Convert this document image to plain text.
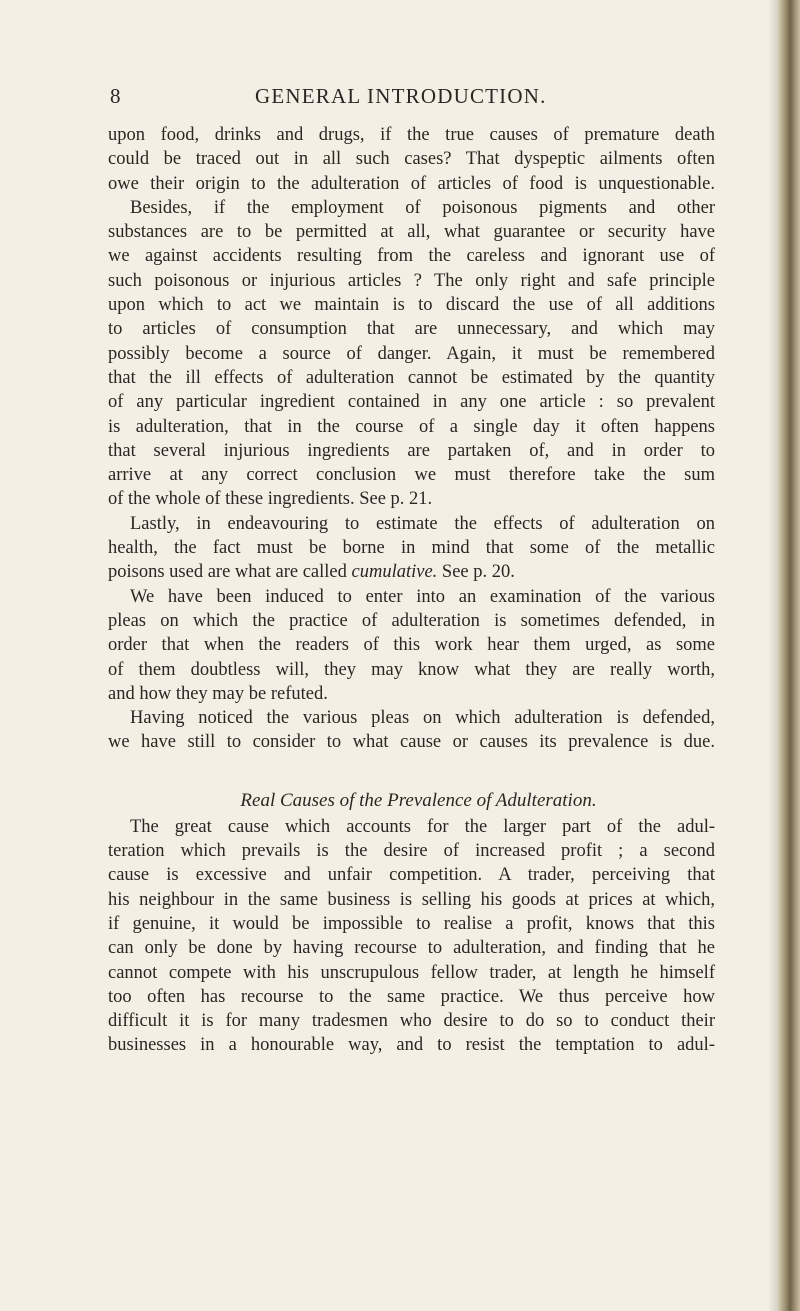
8	GENERAL INTRODUCTION.
upon food, drinks and drugs, if the true causes of premature death
could be traced out in all such cases? That dyspeptic ailments often
owe their origin to the adulteration of articles of food is unquestionable.
Besides, if the employment of poisonous pigments and other
substances are to be permitted at all, what guarantee or security have
we against accidents resulting from the careless and ignorant use of
such poisonous or injurious articles ? The only right and safe principle
upon which to act we maintain is to discard the use of all additions
to articles of consumption that are unnecessary, and which may
possibly become a source of danger. Again, it must be remembered
that the ill effects of adulteration cannot be estimated by the quantity
of any particular ingredient contained in any one article : so prevalent
is adulteration, that in the course of a single day it often happens
that several injurious ingredients are partaken of, and in order to
arrive at any correct conclusion we must therefore take the sum
of the whole of these ingredients. See p. 21.
Lastly, in endeavouring to estimate the effects of adulteration on
health, the fact must be borne in mind that some of the metallic
poisons used are what are called cumulative. See p. 20.
We have been induced to enter into an examination of the various
pleas on which the practice of adulteration is sometimes defended, in
order that when the readers of this work hear them urged, as some
of them doubtless will, they may know what they are really worth,
and how they may be refuted.
Having noticed the various pleas on which adulteration is defended,
we have still to consider to what cause or causes its prevalence is due.
Real Causes of the Prevalence of Adulteration.
The great cause which accounts for the larger part of the adul-
teration which prevails is the desire of increased profit ; a second
cause is excessive and unfair competition. A trader, perceiving that
his neighbour in the same business is selling his goods at prices at which,
if genuine, it would be impossible to realise a profit, knows that this
can only be done by having recourse to adulteration, and finding that he
cannot compete with his unscrupulous fellow trader, at length he himself
too often has recourse to the same practice. We thus perceive how
difficult it is for many tradesmen who desire to do so to conduct their
businesses in a honourable way, and to resist the temptation to adul-
